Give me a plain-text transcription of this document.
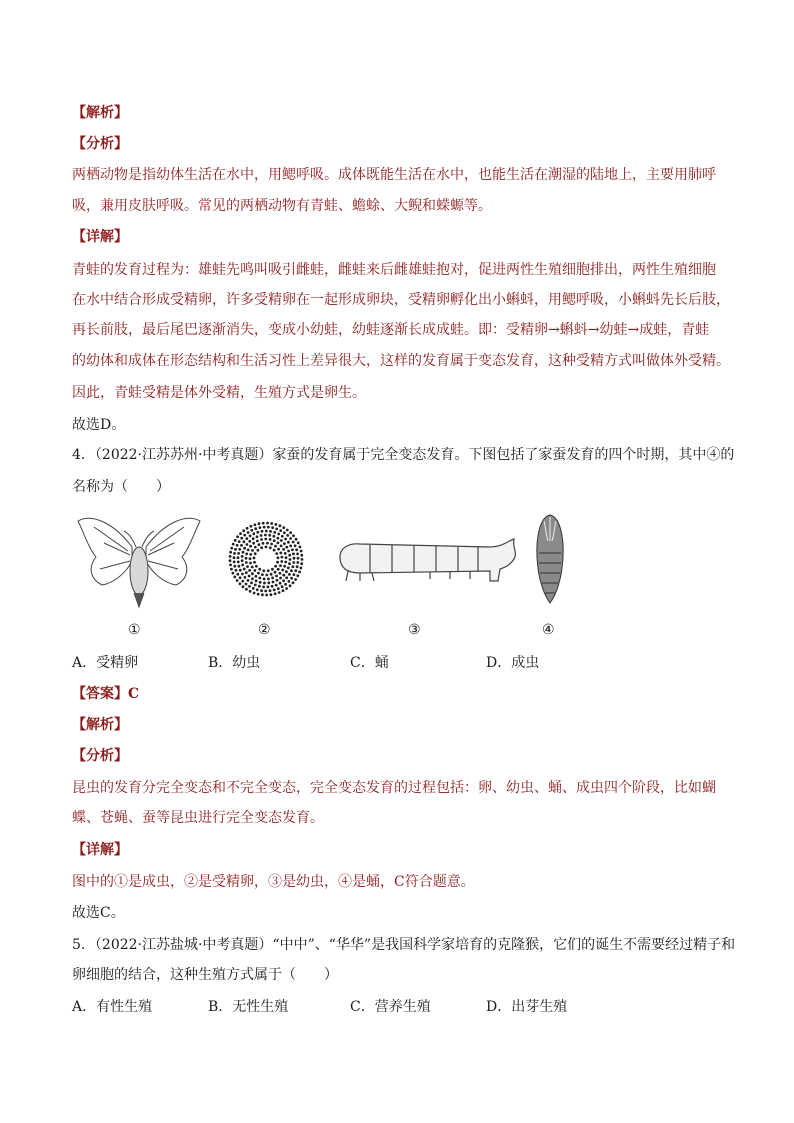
【解析】
【分析】
两栖动物是指幼体生活在水中，用鳃呼吸。成体既能生活在水中，也能生活在潮湿的陆地上，主要用肺呼
吸，兼用皮肤呼吸。常见的两栖动物有青蛙、蟾蜍、大鲵和蝾螈等。
【详解】
青蛙的发育过程为：雄蛙先鸣叫吸引雌蛙，雌蛙来后雌雄蛙抱对，促进两性生殖细胞排出，两性生殖细胞
在水中结合形成受精卵，许多受精卵在一起形成卵块，受精卵孵化出小蝌蚪，用鳃呼吸，小蝌蚪先长后肢，
再长前肢，最后尾巴逐渐消失，变成小幼蛙，幼蛙逐渐长成成蛙。即：受精卵→蝌蚪→幼蛙→成蛙，青蛙
的幼体和成体在形态结构和生活习性上差异很大，这样的发育属于变态发育，这种受精方式叫做体外受精。
因此，青蛙受精是体外受精，生殖方式是卵生。
故选D。
4．（2022·江苏苏州·中考真题）家蚕的发育属于完全变态发育。下图包括了家蚕发育的四个时期，其中④的
名称为（　　）
①	②	③	④
A．受精卵	B．幼虫	C．蛹	D．成虫
【答案】C
【解析】
【分析】
昆虫的发育分完全变态和不完全变态，完全变态发育的过程包括：卵、幼虫、蛹、成虫四个阶段，比如蝴
蝶、苍蝇、蚕等昆虫进行完全变态发育。
【详解】
图中的①是成虫，②是受精卵，③是幼虫，④是蛹，C符合题意。
故选C。
5．（2022·江苏盐城·中考真题）“中中”、“华华”是我国科学家培育的克隆猴，它们的诞生不需要经过精子和
卵细胞的结合，这种生殖方式属于（　　）
A．有性生殖	B．无性生殖	C．营养生殖	D．出芽生殖
